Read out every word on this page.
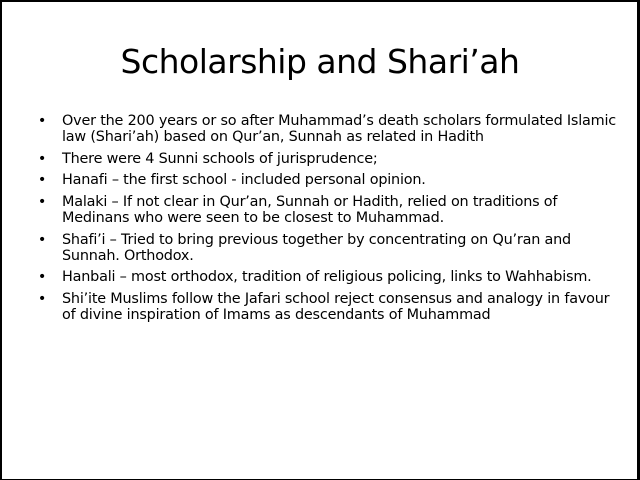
Scholarship and Shari’ah
• Over the 200 years or so after Muhammad’s death scholars formulated Islamic law (Shari’ah) based on Qur’an, Sunnah as related in Hadith
• There were 4 Sunni schools of jurisprudence;
• Hanafi – the first school - included personal opinion.
• Malaki – If not clear in Qur’an, Sunnah or Hadith, relied on traditions of Medinans who were seen to be closest to Muhammad.
• Shafi’i – Tried to bring previous together by concentrating on Qu’ran and Sunnah. Orthodox.
• Hanbali – most orthodox, tradition of religious policing, links to Wahhabism.
• Shi’ite Muslims follow the Jafari school reject consensus and analogy in favour of divine inspiration of Imams as descendants of Muhammad
